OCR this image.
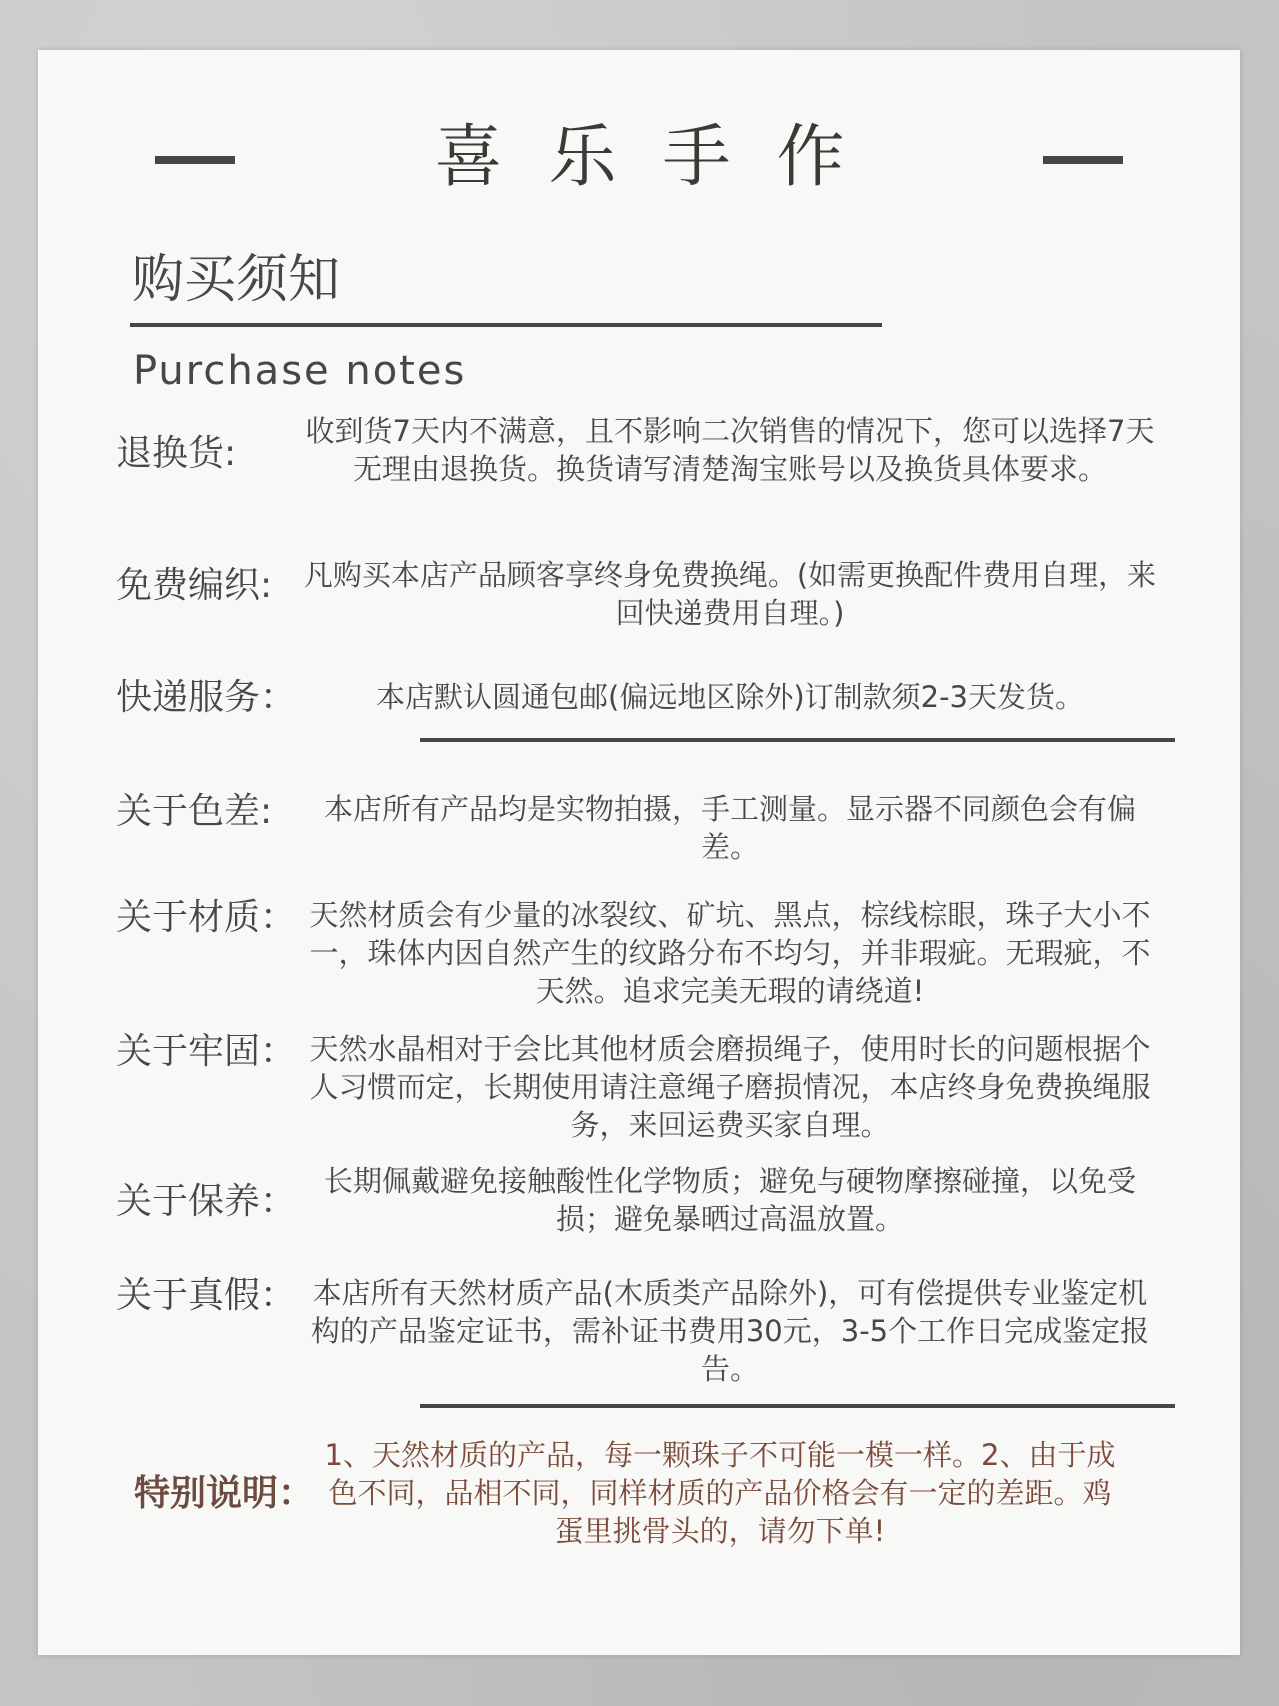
喜乐手作
购买须知
Purchase notes
退换货:
收到货7天内不满意，且不影响二次销售的情况下，您可以选择7天无理由退换货。换货请写清楚淘宝账号以及换货具体要求。
免费编织: 凡购买本店产品顾客享终身免费换绳。(如需更换配件费用自理，来回快递费用自理。)
快递服务：	本店默认圆通包邮(偏远地区除外)订制款须2-3天发货。
关于色差:	本店所有产品均是实物拍摄，手工测量。显示器不同颜色会有偏差。
关于材质： 天然材质会有少量的冰裂纹、矿坑、黑点，棕线棕眼，珠子大小不一，珠体内因自然产生的纹路分布不均匀，并非瑕疵。无瑕疵，不天然。追求完美无瑕的请绕道!
关于牢固： 天然水晶相对于会比其他材质会磨损绳子，使用时长的问题根据个人习惯而定，长期使用请注意绳子磨损情况，本店终身免费换绳服务，来回运费买家自理。
关于保养： 长期佩戴避免接触酸性化学物质；避免与硬物摩擦碰撞，以免受损；避免暴晒过高温放置。
关于真假： 本店所有天然材质产品(木质类产品除外)，可有偿提供专业鉴定机构的产品鉴定证书，需补证书费用30元，3-5个工作日完成鉴定报告。
特别说明：
1、天然材质的产品，每一颗珠子不可能一模一样。2、由于成色不同，品相不同，同样材质的产品价格会有一定的差距。鸡蛋里挑骨头的，请勿下单!
